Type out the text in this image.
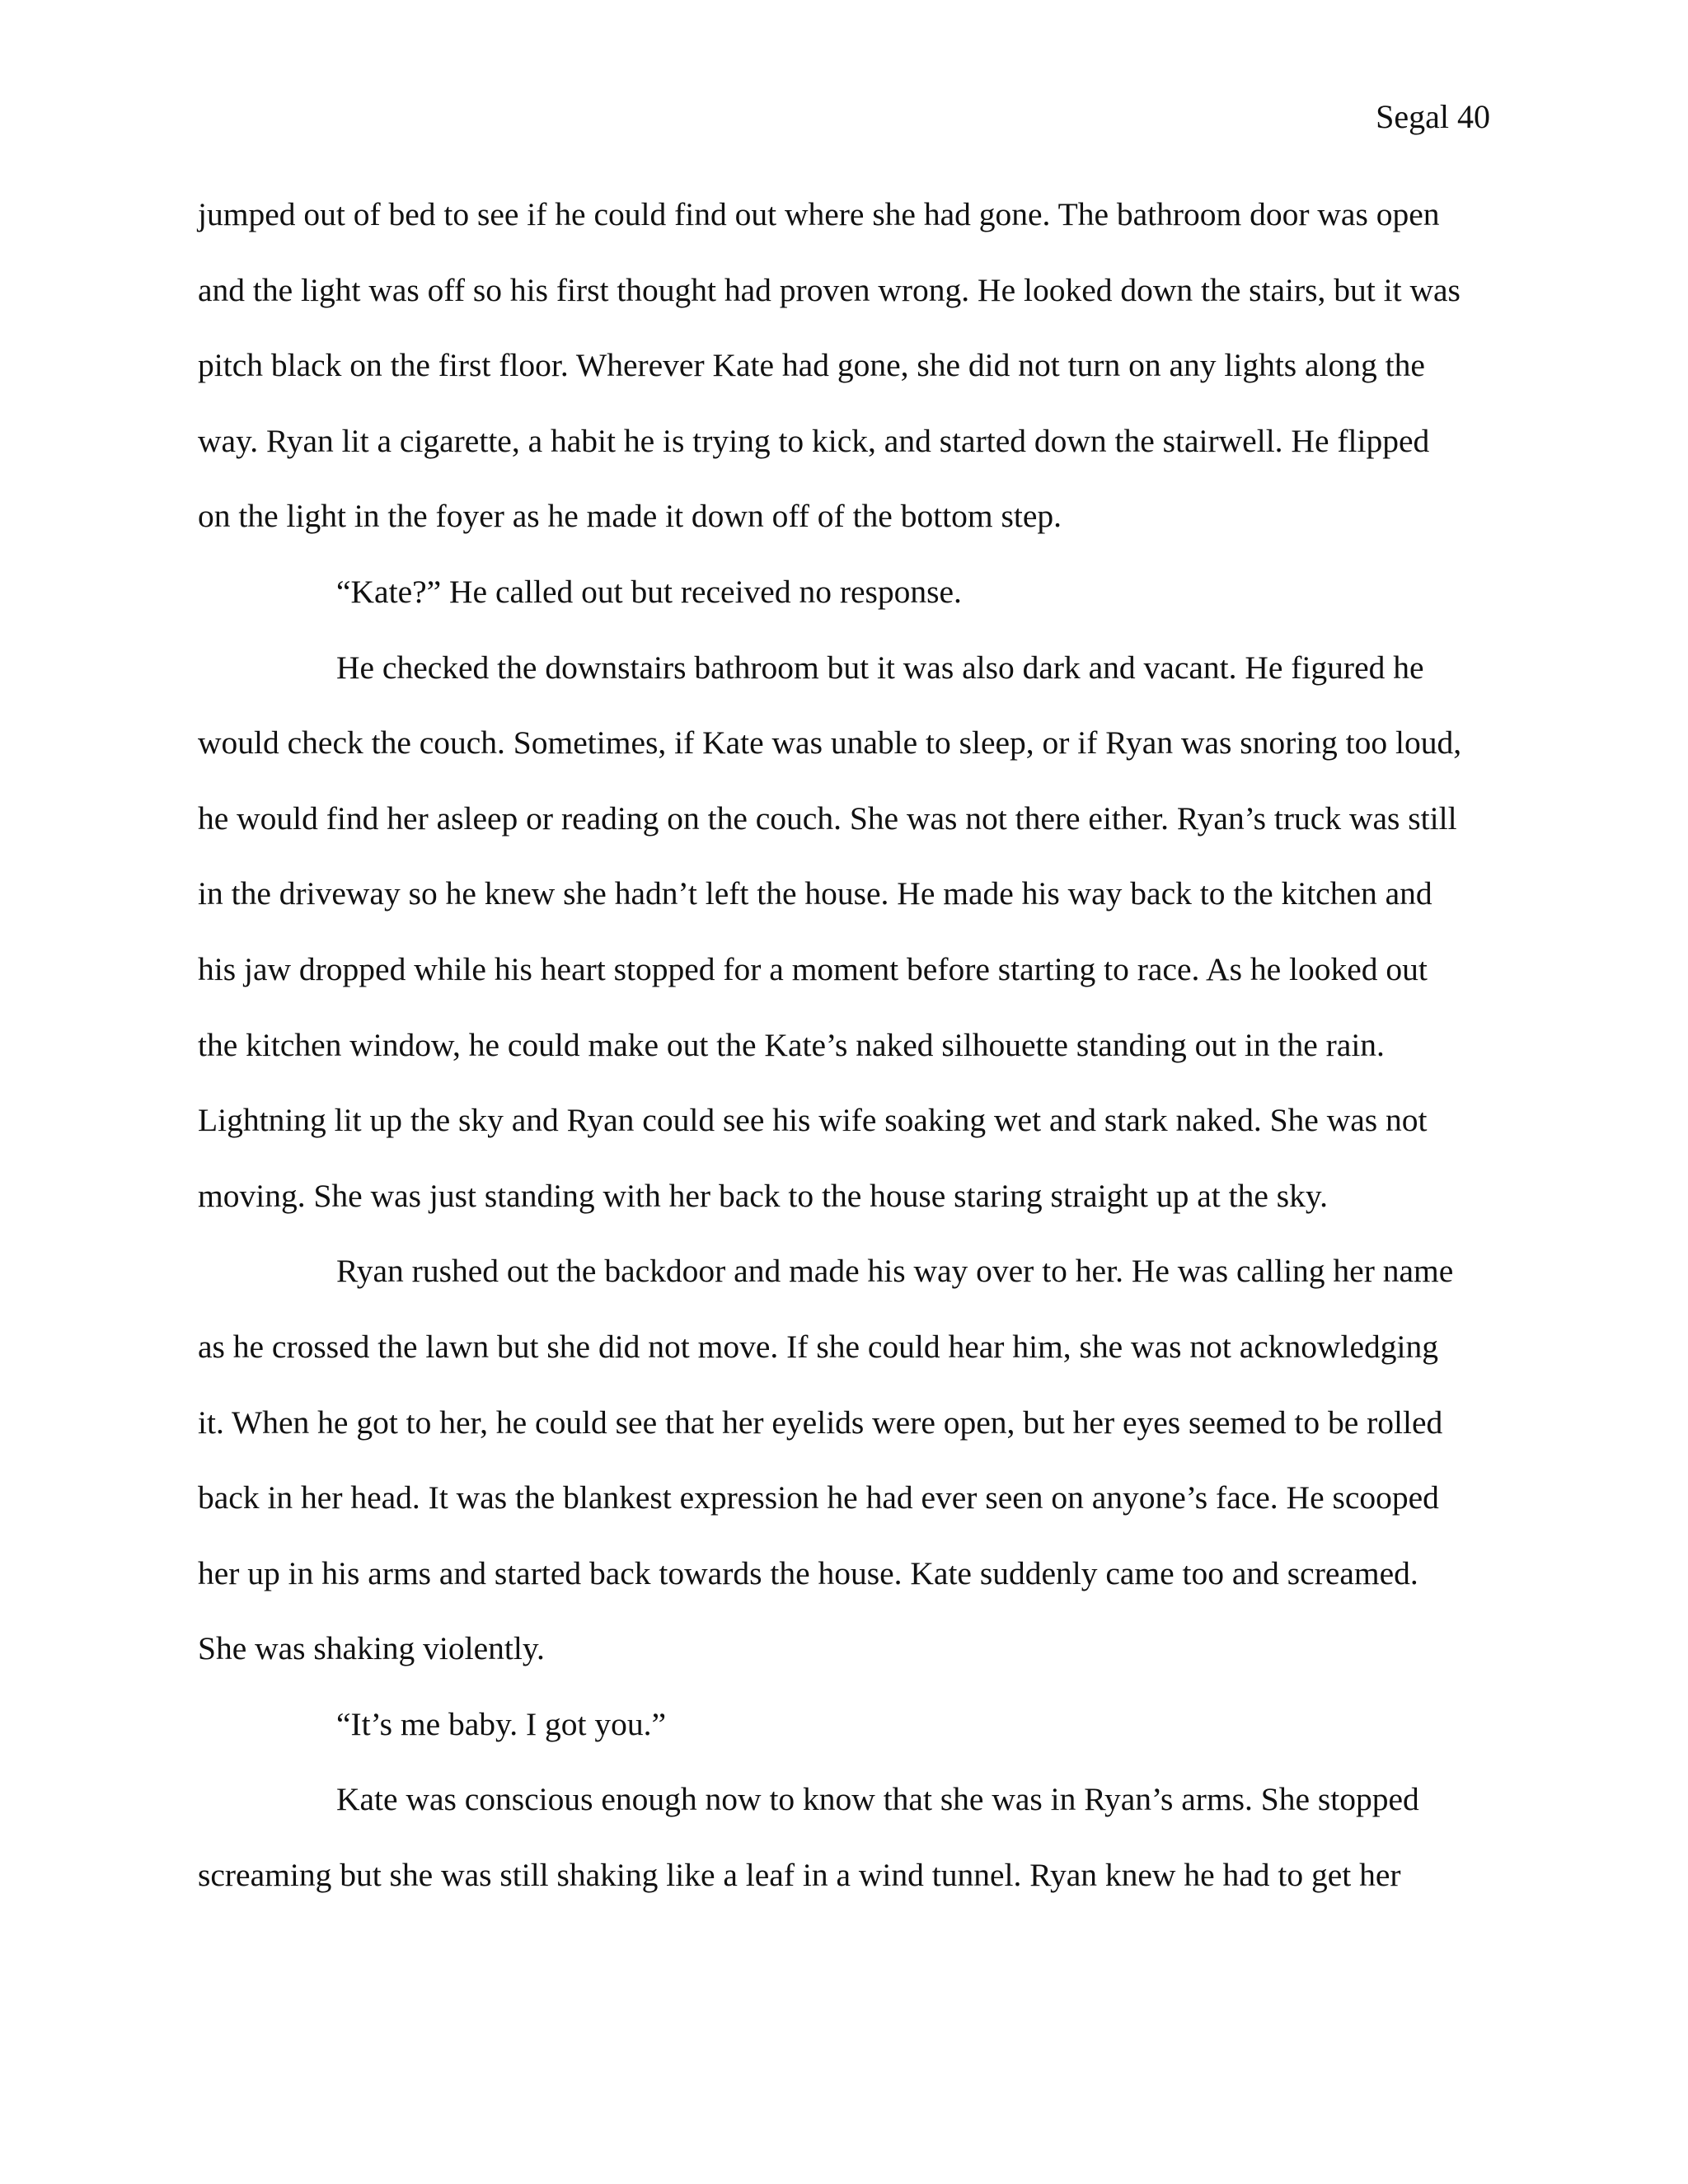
Segal 40
jumped out of bed to see if he could find out where she had gone. The bathroom door was open
and the light was off so his first thought had proven wrong. He looked down the stairs, but it was
pitch black on the first floor. Wherever Kate had gone, she did not turn on any lights along the
way. Ryan lit a cigarette, a habit he is trying to kick, and started down the stairwell. He flipped
on the light in the foyer as he made it down off of the bottom step.
“Kate?” He called out but received no response.
He checked the downstairs bathroom but it was also dark and vacant. He figured he
would check the couch. Sometimes, if Kate was unable to sleep, or if Ryan was snoring too loud,
he would find her asleep or reading on the couch. She was not there either. Ryan’s truck was still
in the driveway so he knew she hadn’t left the house. He made his way back to the kitchen and
his jaw dropped while his heart stopped for a moment before starting to race. As he looked out
the kitchen window, he could make out the Kate’s naked silhouette standing out in the rain.
Lightning lit up the sky and Ryan could see his wife soaking wet and stark naked. She was not
moving. She was just standing with her back to the house staring straight up at the sky.
Ryan rushed out the backdoor and made his way over to her. He was calling her name
as he crossed the lawn but she did not move. If she could hear him, she was not acknowledging
it. When he got to her, he could see that her eyelids were open, but her eyes seemed to be rolled
back in her head. It was the blankest expression he had ever seen on anyone’s face. He scooped
her up in his arms and started back towards the house. Kate suddenly came too and screamed.
She was shaking violently.
“It’s me baby. I got you.”
Kate was conscious enough now to know that she was in Ryan’s arms. She stopped
screaming but she was still shaking like a leaf in a wind tunnel. Ryan knew he had to get her
